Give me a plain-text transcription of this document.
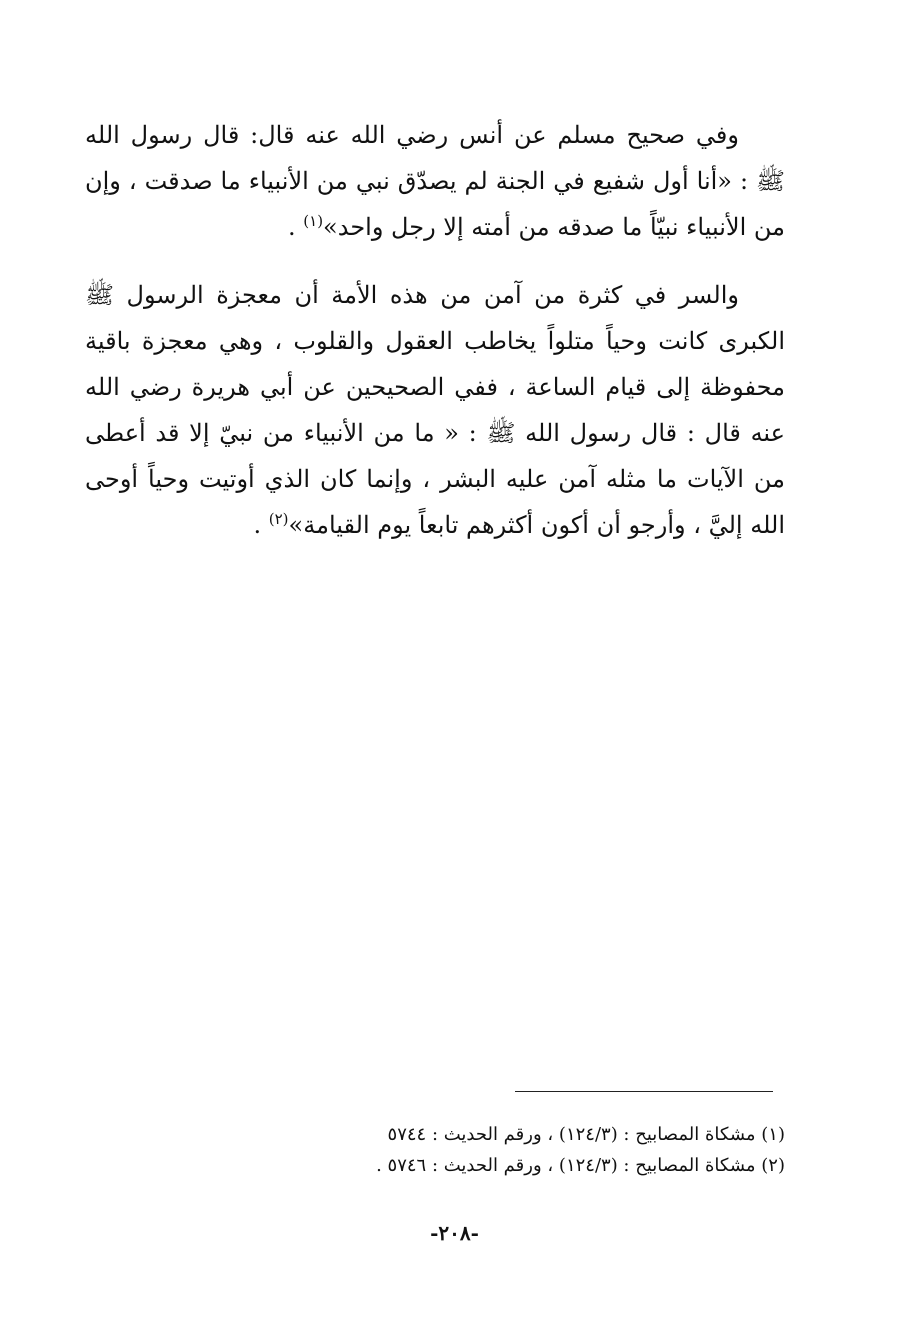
وفي صحيح مسلم عن أنس رضي الله عنه قال: قال رسول الله ﷺ : «أنا أول شفيع في الجنة لم يصدّق نبي من الأنبياء ما صدقت ، وإن من الأنبياء نبيّاً ما صدقه من أمته إلا رجل واحد»$^{(١)}$ .

والسر في كثرة من آمن من هذه الأمة أن معجزة الرسول ﷺ الكبرى كانت وحياً متلواً يخاطب العقول والقلوب ، وهي معجزة باقية محفوظة إلى قيام الساعة ، ففي الصحيحين عن أبي هريرة رضي الله عنه قال : قال رسول الله ﷺ : « ما من الأنبياء من نبيّ إلا قد أعطى من الآيات ما مثله آمن عليه البشر ، وإنما كان الذي أوتيت وحياً أوحى الله إليَّ ، وأرجو أن أكون أكثرهم تابعاً يوم القيامة»$^{(٢)}$ .

(١) مشكاة المصابيح : (١٢٤/٣) ، ورقم الحديث : ٥٧٤٤

(٢) مشكاة المصابيح : (١٢٤/٣) ، ورقم الحديث : ٥٧٤٦ .

-٢٠٨-
